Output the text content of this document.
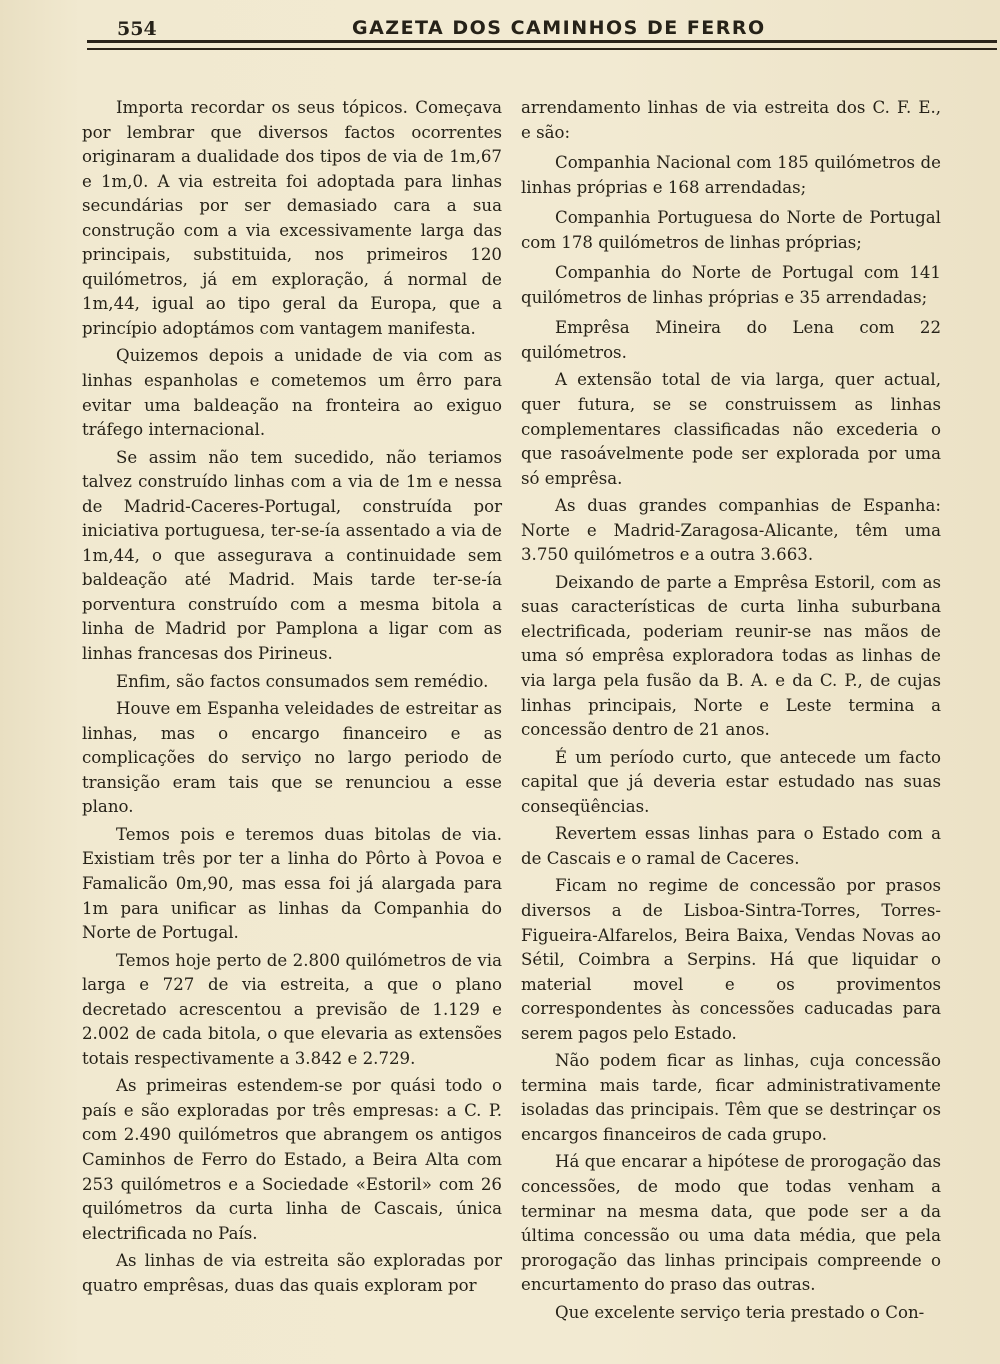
554	GAZETA DOS CAMINHOS DE FERRO

Importa recordar os seus tópicos. Começava por lembrar que diversos factos ocorrentes originaram a dualidade dos tipos de via de 1m,67 e 1m,0. A via estreita foi adoptada para linhas secundárias por ser demasiado cara a sua construção com a via excessivamente larga das principais, substituida, nos primeiros 120 quilómetros, já em exploração, á normal de 1m,44, igual ao tipo geral da Europa, que a princípio adoptámos com vantagem manifesta.

Quizemos depois a unidade de via com as linhas espanholas e cometemos um êrro para evitar uma baldeação na fronteira ao exiguo tráfego internacional.

Se assim não tem sucedido, não teriamos talvez construído linhas com a via de 1m e nessa de Madrid-Caceres-Portugal, construída por iniciativa portuguesa, ter-se-ía assentado a via de 1m,44, o que assegurava a continuidade sem baldeação até Madrid. Mais tarde ter-se-ía porventura construído com a mesma bitola a linha de Madrid por Pamplona a ligar com as linhas francesas dos Pirineus.

Enfim, são factos consumados sem remédio.

Houve em Espanha veleidades de estreitar as linhas, mas o encargo financeiro e as complicações do serviço no largo periodo de transição eram tais que se renunciou a esse plano.

Temos pois e teremos duas bitolas de via. Existiam três por ter a linha do Pôrto à Povoa e Famalicão 0m,90, mas essa foi já alargada para 1m para unificar as linhas da Companhia do Norte de Portugal.

Temos hoje perto de 2.800 quilómetros de via larga e 727 de via estreita, a que o plano decretado acrescentou a previsão de 1.129 e 2.002 de cada bitola, o que elevaria as extensões totais respectivamente a 3.842 e 2.729.

As primeiras estendem-se por quási todo o país e são exploradas por três empresas: a C. P. com 2.490 quilómetros que abrangem os antigos Caminhos de Ferro do Estado, a Beira Alta com 253 quilómetros e a Sociedade «Estoril» com 26 quilómetros da curta linha de Cascais, única electrificada no País.

As linhas de via estreita são exploradas por quatro emprêsas, duas das quais exploram por

arrendamento linhas de via estreita dos C. F. E., e são:

Companhia Nacional com 185 quilómetros de linhas próprias e 168 arrendadas;

Companhia Portuguesa do Norte de Portugal com 178 quilómetros de linhas próprias;

Companhia do Norte de Portugal com 141 quilómetros de linhas próprias e 35 arrendadas;

Emprêsa Mineira do Lena com 22 quilómetros.

A extensão total de via larga, quer actual, quer futura, se se construissem as linhas complementares classificadas não excederia o que rasoávelmente pode ser explorada por uma só emprêsa.

As duas grandes companhias de Espanha: Norte e Madrid-Zaragosa-Alicante, têm uma 3.750 quilómetros e a outra 3.663.

Deixando de parte a Emprêsa Estoril, com as suas características de curta linha suburbana electrificada, poderiam reunir-se nas mãos de uma só emprêsa exploradora todas as linhas de via larga pela fusão da B. A. e da C. P., de cujas linhas principais, Norte e Leste termina a concessão dentro de 21 anos.

É um período curto, que antecede um facto capital que já deveria estar estudado nas suas conseqüências.

Revertem essas linhas para o Estado com a de Cascais e o ramal de Caceres.

Ficam no regime de concessão por prasos diversos a de Lisboa-Sintra-Torres, Torres-Figueira-Alfarelos, Beira Baixa, Vendas Novas ao Sétil, Coimbra a Serpins. Há que liquidar o material movel e os provimentos correspondentes às concessões caducadas para serem pagos pelo Estado.

Não podem ficar as linhas, cuja concessão termina mais tarde, ficar administrativamente isoladas das principais. Têm que se destrinçar os encargos financeiros de cada grupo.

Há que encarar a hipótese de prorogação das concessões, de modo que todas venham a terminar na mesma data, que pode ser a da última concessão ou uma data média, que pela prorogação das linhas principais compreende o encurtamento do praso das outras.

Que excelente serviço teria prestado o Con-
